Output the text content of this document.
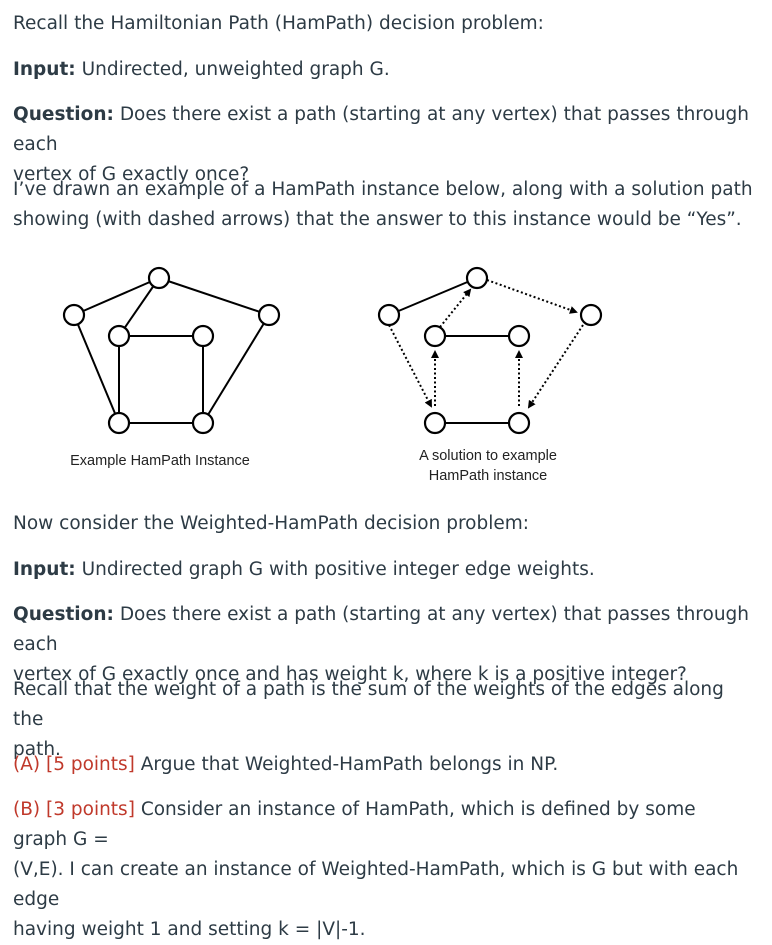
Recall the Hamiltonian Path (HamPath) decision problem:

Input: Undirected, unweighted graph G.

Question: Does there exist a path (starting at any vertex) that passes through each
vertex of G exactly once?

I’ve drawn an example of a HamPath instance below, along with a solution path
showing (with dashed arrows) that the answer to this instance would be “Yes”.

Now consider the Weighted-HamPath decision problem:

Input: Undirected graph G with positive integer edge weights.

Question: Does there exist a path (starting at any vertex) that passes through each
vertex of G exactly once and has weight k, where k is a positive integer?

Recall that the weight of a path is the sum of the weights of the edges along the
path.

(A) [5 points] Argue that Weighted-HamPath belongs in NP.

(B) [3 points] Consider an instance of HamPath, which is defined by some graph G =
(V,E). I can create an instance of Weighted-HamPath, which is G but with each edge
having weight 1 and setting k = |V|-1.

Example HamPath Instance	A solution to example
HamPath instance
